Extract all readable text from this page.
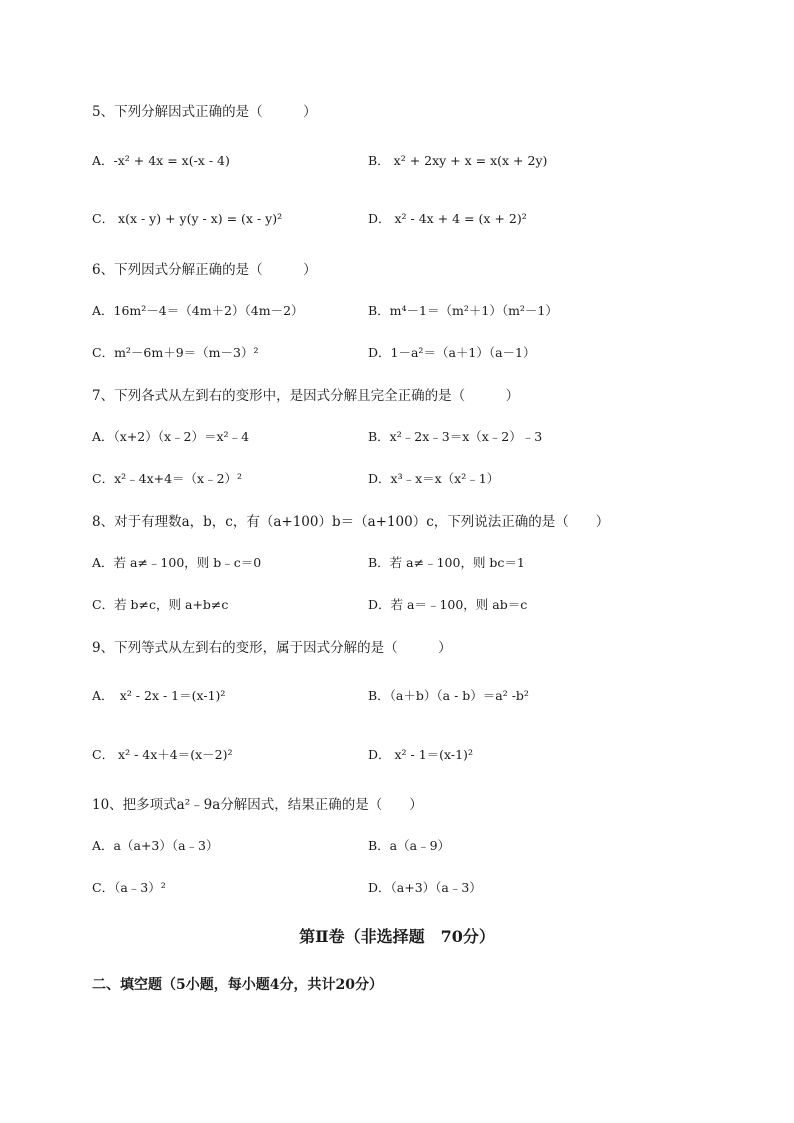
5、下列分解因式正确的是（　　　）
A．-x² + 4x = x(-x - 4)	B． x² + 2xy + x = x(x + 2y)
C． x(x - y) + y(y - x) = (x - y)²	D． x² - 4x + 4 = (x + 2)²
6、下列因式分解正确的是（　　　）
A．16m²－4＝（4m＋2）（4m－2）	B．m⁴－1＝（m²＋1）（m²－1）
C．m²－6m＋9＝（m－3）²	D．1－a²＝（a＋1）（a－1）
7、下列各式从左到右的变形中，是因式分解且完全正确的是（　　　）
A．（x+2）（x﹣2）＝x²﹣4	B．x²﹣2x﹣3＝x（x﹣2）﹣3
C．x²﹣4x+4＝（x﹣2）²	D．x³﹣x＝x（x²﹣1）
8、对于有理数a，b，c，有（a+100）b＝（a+100）c，下列说法正确的是（　　）
A．若 a≠﹣100，则 b﹣c＝0	B．若 a≠﹣100，则 bc＝1
C．若 b≠c，则 a+b≠c	D．若 a＝﹣100，则 ab＝c
9、下列等式从左到右的变形，属于因式分解的是（　　　）
A．　x² - 2x - 1＝(x-1)²	B．（a＋b）（a - b）＝a² -b²
C． x² - 4x＋4＝(x－2)²	D． x² - 1＝(x-1)²
10、把多项式a²﹣9a分解因式，结果正确的是（　　）
A．a（a+3）（a﹣3）	B．a（a﹣9）
C．（a﹣3）²	D．（a+3）（a﹣3）
第Ⅱ卷（非选择题　70分）
二、填空题（5小题，每小题4分，共计20分）
